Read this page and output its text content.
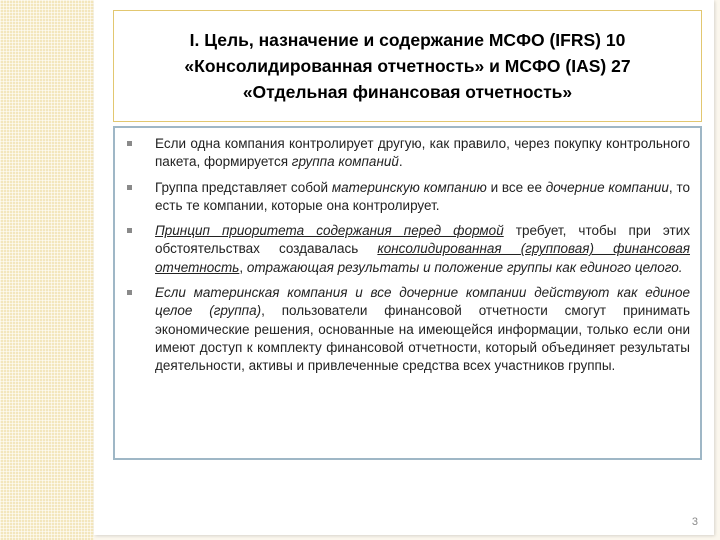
I. Цель, назначение и содержание МСФО (IFRS) 10
«Консолидированная отчетность» и МСФО (IAS) 27
«Отдельная финансовая отчетность»
Если одна компания контролирует другую, как правило, через покупку контрольного пакета, формируется группа компаний.
Группа представляет собой материнскую компанию и все ее дочерние компании, то есть те компании, которые она контролирует.
Принцип приоритета содержания перед формой требует, чтобы при этих обстоятельствах создавалась консолидированная (групповая) финансовая отчетность, отражающая результаты и положение группы как единого целого.
Если материнская компания и все дочерние компании действуют как единое целое (группа), пользователи финансовой отчетности смогут принимать экономические решения, основанные на имеющейся информации, только если они имеют доступ к комплекту финансовой отчетности, который объединяет результаты деятельности, активы и привлеченные средства всех участников группы.
3
